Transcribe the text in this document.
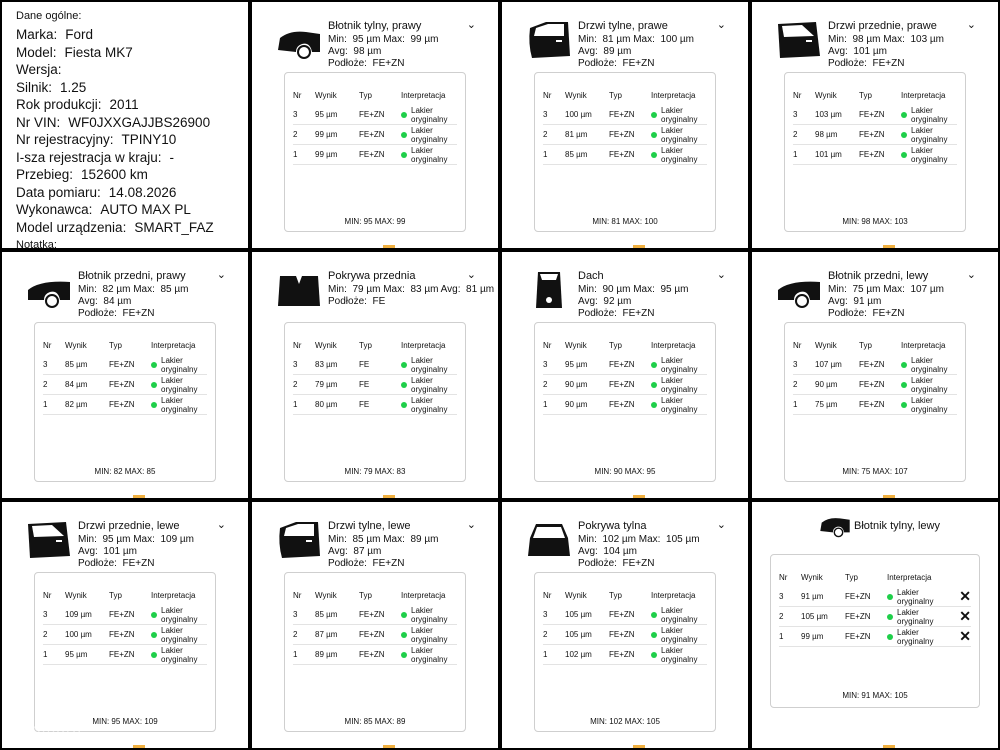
Dane ogólne:
Marka: Ford
Model: Fiesta MK7
Wersja:
Silnik: 1.25
Rok produkcji: 2011
Nr VIN: WF0JXXGAJJBS26900
Nr rejestracyjny: TPINY10
I-sza rejestracja w kraju: -
Przebieg: 152600 km
Data pomiaru: 14.08.2026
Wykonawca: AUTO MAX PL
Model urządzenia: SMART_FAZ
Notatka:
Błotnik tylny, prawy
Min:  95 µm Max:  99 µm
Avg:  98 µm
Podłoże:  FE+ZN
⌄
Nr	Wynik	Typ	Interpretacja
3	95 µm	FE+ZN	Lakier oryginalny
2	99 µm	FE+ZN	Lakier oryginalny
1	99 µm	FE+ZN	Lakier oryginalny
MIN: 95 MAX: 99
Drzwi tylne, prawe
Min:  81 µm Max:  100 µm
Avg:  89 µm
Podłoże:  FE+ZN
⌄
Nr	Wynik	Typ	Interpretacja
3	100 µm	FE+ZN	Lakier oryginalny
2	81 µm	FE+ZN	Lakier oryginalny
1	85 µm	FE+ZN	Lakier oryginalny
MIN: 81 MAX: 100
Drzwi przednie, prawe
Min:  98 µm Max:  103 µm
Avg:  101 µm
Podłoże:  FE+ZN
⌄
Nr	Wynik	Typ	Interpretacja
3	103 µm	FE+ZN	Lakier oryginalny
2	98 µm	FE+ZN	Lakier oryginalny
1	101 µm	FE+ZN	Lakier oryginalny
MIN: 98 MAX: 103
Błotnik przedni, prawy
Min:  82 µm Max:  85 µm
Avg:  84 µm
Podłoże:  FE+ZN
⌄
Nr	Wynik	Typ	Interpretacja
3	85 µm	FE+ZN	Lakier oryginalny
2	84 µm	FE+ZN	Lakier oryginalny
1	82 µm	FE+ZN	Lakier oryginalny
MIN: 82 MAX: 85
Pokrywa przednia
Min:  79 µm Max:  83 µm Avg:  81 µm
Podłoże:  FE
⌄
Nr	Wynik	Typ	Interpretacja
3	83 µm	FE	Lakier oryginalny
2	79 µm	FE	Lakier oryginalny
1	80 µm	FE	Lakier oryginalny
MIN: 79 MAX: 83
Dach
Min:  90 µm Max:  95 µm
Avg:  92 µm
Podłoże:  FE+ZN
⌄
Nr	Wynik	Typ	Interpretacja
3	95 µm	FE+ZN	Lakier oryginalny
2	90 µm	FE+ZN	Lakier oryginalny
1	90 µm	FE+ZN	Lakier oryginalny
MIN: 90 MAX: 95
Błotnik przedni, lewy
Min:  75 µm Max:  107 µm
Avg:  91 µm
Podłoże:  FE+ZN
⌄
Nr	Wynik	Typ	Interpretacja
3	107 µm	FE+ZN	Lakier oryginalny
2	90 µm	FE+ZN	Lakier oryginalny
1	75 µm	FE+ZN	Lakier oryginalny
MIN: 75 MAX: 107
Drzwi przednie, lewe
Min:  95 µm Max:  109 µm
Avg:  101 µm
Podłoże:  FE+ZN
⌄
Nr	Wynik	Typ	Interpretacja
3	109 µm	FE+ZN	Lakier oryginalny
2	100 µm	FE+ZN	Lakier oryginalny
1	95 µm	FE+ZN	Lakier oryginalny
MIN: 95 MAX: 109
Drzwi tylne, lewe
Min:  85 µm Max:  89 µm
Avg:  87 µm
Podłoże:  FE+ZN
⌄
Nr	Wynik	Typ	Interpretacja
3	85 µm	FE+ZN	Lakier oryginalny
2	87 µm	FE+ZN	Lakier oryginalny
1	89 µm	FE+ZN	Lakier oryginalny
MIN: 85 MAX: 89
Pokrywa tylna
Min:  102 µm Max:  105 µm
Avg:  104 µm
Podłoże:  FE+ZN
⌄
Nr	Wynik	Typ	Interpretacja
3	105 µm	FE+ZN	Lakier oryginalny
2	105 µm	FE+ZN	Lakier oryginalny
1	102 µm	FE+ZN	Lakier oryginalny
MIN: 102 MAX: 105
Błotnik tylny, lewy
Nr	Wynik	Typ	Interpretacja
3	91 µm	FE+ZN	Lakier oryginalny	✕
2	105 µm	FE+ZN	Lakier oryginalny	✕
1	99 µm	FE+ZN	Lakier oryginalny	✕
MIN: 91 MAX: 105
otomoto
